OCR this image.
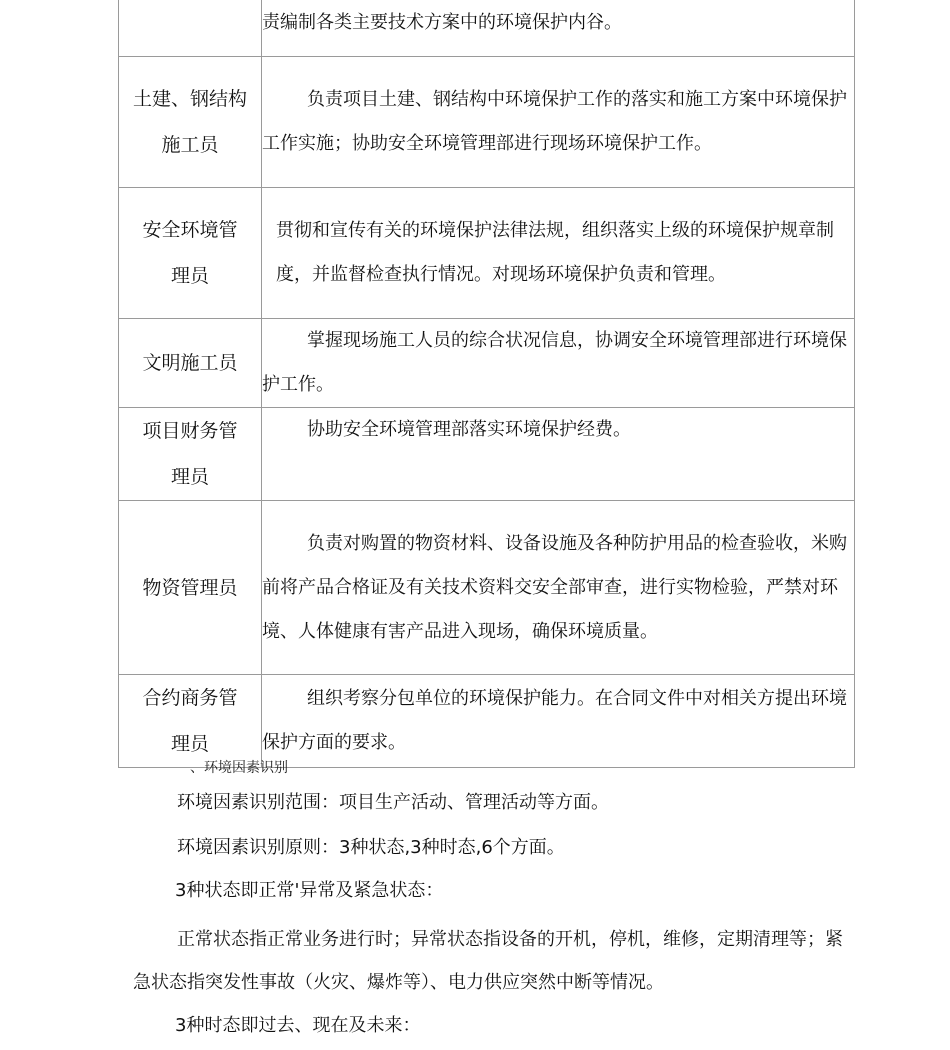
	责编制各类主要技术方案中的环境保护内谷。

土建、钢结构施工员	负责项目土建、钢结构中环境保护工作的落实和施工方案中环境保护工作实施；协助安全环境管理部进行现场环境保护工作。

安全环境管理员	贯彻和宣传有关的环境保护法律法规，组织落实上级的环境保护规章制度，并监督检查执行情况。对现场环境保护负责和管理。
文明施工员	掌握现场施工人员的综合状况信息，协调安全环境管理部进行环境保护工作。

项目财务管理员	协助安全环境管理部落实环境保护经费。
物资管理员	负责对购置的物资材料、设备设施及各种防护用品的检查验收，米购前将产品合格证及有关技术资料交安全部审查，进行实物检验，严禁对环境、人体健康有害产品进入现场，确保环境质量。

合约商务管理员	组织考察分包单位的环境保护能力。在合同文件中对相关方提出环境保护方面的要求。
、环境因素识别
环境因素识别范围：项目生产活动、管理活动等方面。
环境因素识别原则：3种状态,3种时态,6个方面。
3种状态即正常'异常及紧急状态：
正常状态指正常业务进行时；异常状态指设备的开机，停机，维修，定期清理等；紧急状态指突发性事故（火灾、爆炸等）、电力供应突然中断等情况。
3种时态即过去、现在及未来：
